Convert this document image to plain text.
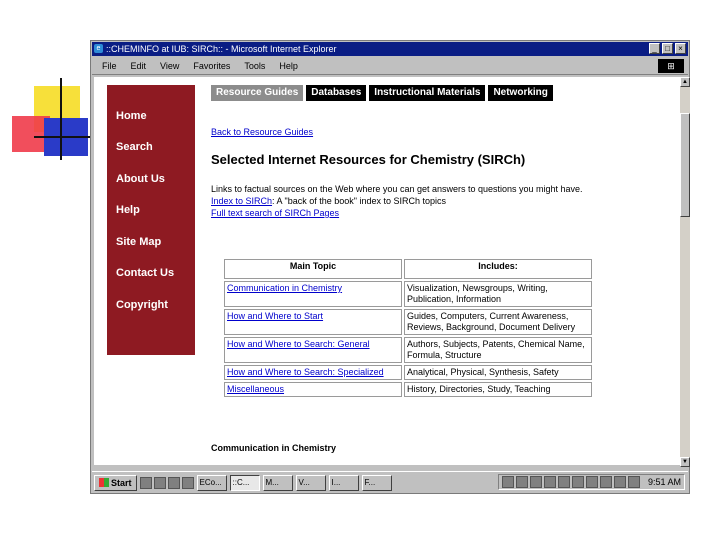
e ::CHEMINFO at IUB: SIRCh:: - Microsoft Internet Explorer	_	□	×
File Edit View Favorites Tools Help	⊞
Home
Search
About Us
Help
Site Map
Contact Us
Copyright
Resource Guides	Databases	Instructional Materials	Networking
Back to Resource Guides
Selected Internet Resources for Chemistry (SIRCh)
Links to factual sources on the Web where you can get answers to questions you might have.
Index to SIRCh: A "back of the book" index to SIRCh topics
Full text search of SIRCh Pages
Main Topic	Includes:
Communication in Chemistry	Visualization, Newsgroups, Writing, Publication, Information
How and Where to Start	Guides, Computers, Current Awareness, Reviews, Background, Document Delivery
How and Where to Search: General	Authors, Subjects, Patents, Chemical Name, Formula, Structure
How and Where to Search: Specialized	Analytical, Physical, Synthesis, Safety
Miscellaneous	History, Directories, Study, Teaching
Communication in Chemistry
▲
▼
Start	ECo...	::C...	M...	V...	I...	F...	9:51 AM
